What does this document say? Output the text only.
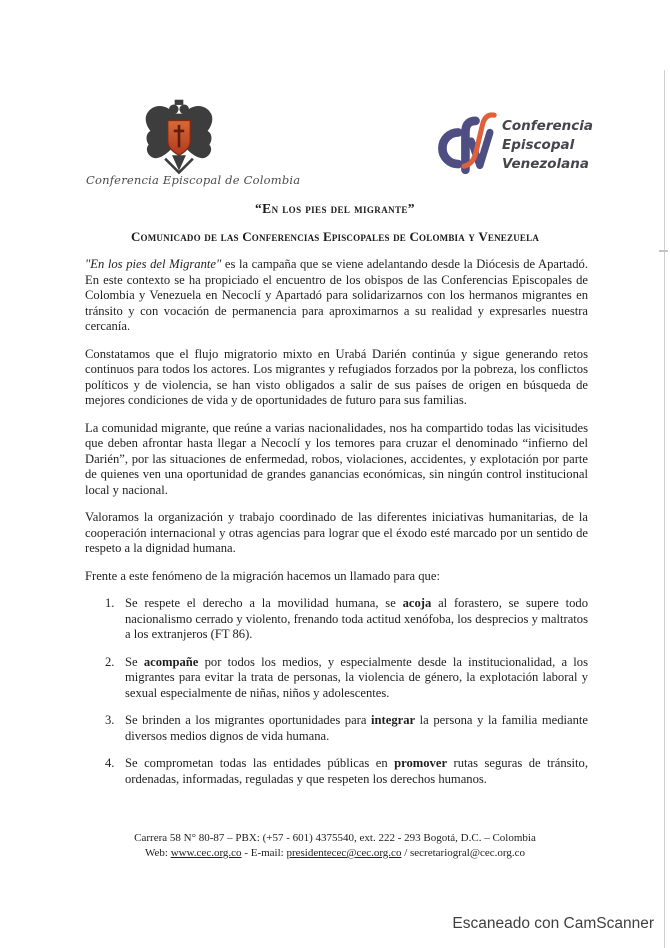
Conferencia Episcopal de Colombia
Conferencia
Episcopal
Venezolana
“En los pies del migrante”
Comunicado de las Conferencias Episcopales de Colombia y Venezuela

"En los pies del Migrante" es la campaña que se viene adelantando desde la Diócesis de Apartadó. En este contexto se ha propiciado el encuentro de los obispos de las Conferencias Episcopales de Colombia y Venezuela en Necoclí y Apartadó para solidarizarnos con los hermanos migrantes en tránsito y con vocación de permanencia para aproximarnos a su realidad y expresarles nuestra cercanía.

Constatamos que el flujo migratorio mixto en Urabá Darién continúa y sigue generando retos continuos para todos los actores. Los migrantes y refugiados forzados por la pobreza, los conflictos políticos y de violencia, se han visto obligados a salir de sus países de origen en búsqueda de mejores condiciones de vida y de oportunidades de futuro para sus familias.

La comunidad migrante, que reúne a varias nacionalidades, nos ha compartido todas las vicisitudes que deben afrontar hasta llegar a Necoclí y los temores para cruzar el denominado “infierno del Darién”, por las situaciones de enfermedad, robos, violaciones, accidentes, y explotación por parte de quienes ven una oportunidad de grandes ganancias económicas, sin ningún control institucional local y nacional.

Valoramos la organización y trabajo coordinado de las diferentes iniciativas humanitarias, de la cooperación internacional y otras agencias para lograr que el éxodo esté marcado por un sentido de respeto a la dignidad humana.

Frente a este fenómeno de la migración hacemos un llamado para que:

1. Se respete el derecho a la movilidad humana, se acoja al forastero, se supere todo nacionalismo cerrado y violento, frenando toda actitud xenófoba, los desprecios y maltratos a los extranjeros (FT 86).
2. Se acompañe por todos los medios, y especialmente desde la institucionalidad, a los migrantes para evitar la trata de personas, la violencia de género, la explotación laboral y sexual especialmente de niñas, niños y adolescentes.
3. Se brinden a los migrantes oportunidades para integrar la persona y la familia mediante diversos medios dignos de vida humana.
4. Se comprometan todas las entidades públicas en promover rutas seguras de tránsito, ordenadas, informadas, reguladas y que respeten los derechos humanos.
Carrera 58 N° 80-87 – PBX: (+57 - 601) 4375540, ext. 222 - 293 Bogotá, D.C. – Colombia
Web: www.cec.org.co - E-mail: presidentecec@cec.org.co / secretariogral@cec.org.co
Escaneado con CamScanner
